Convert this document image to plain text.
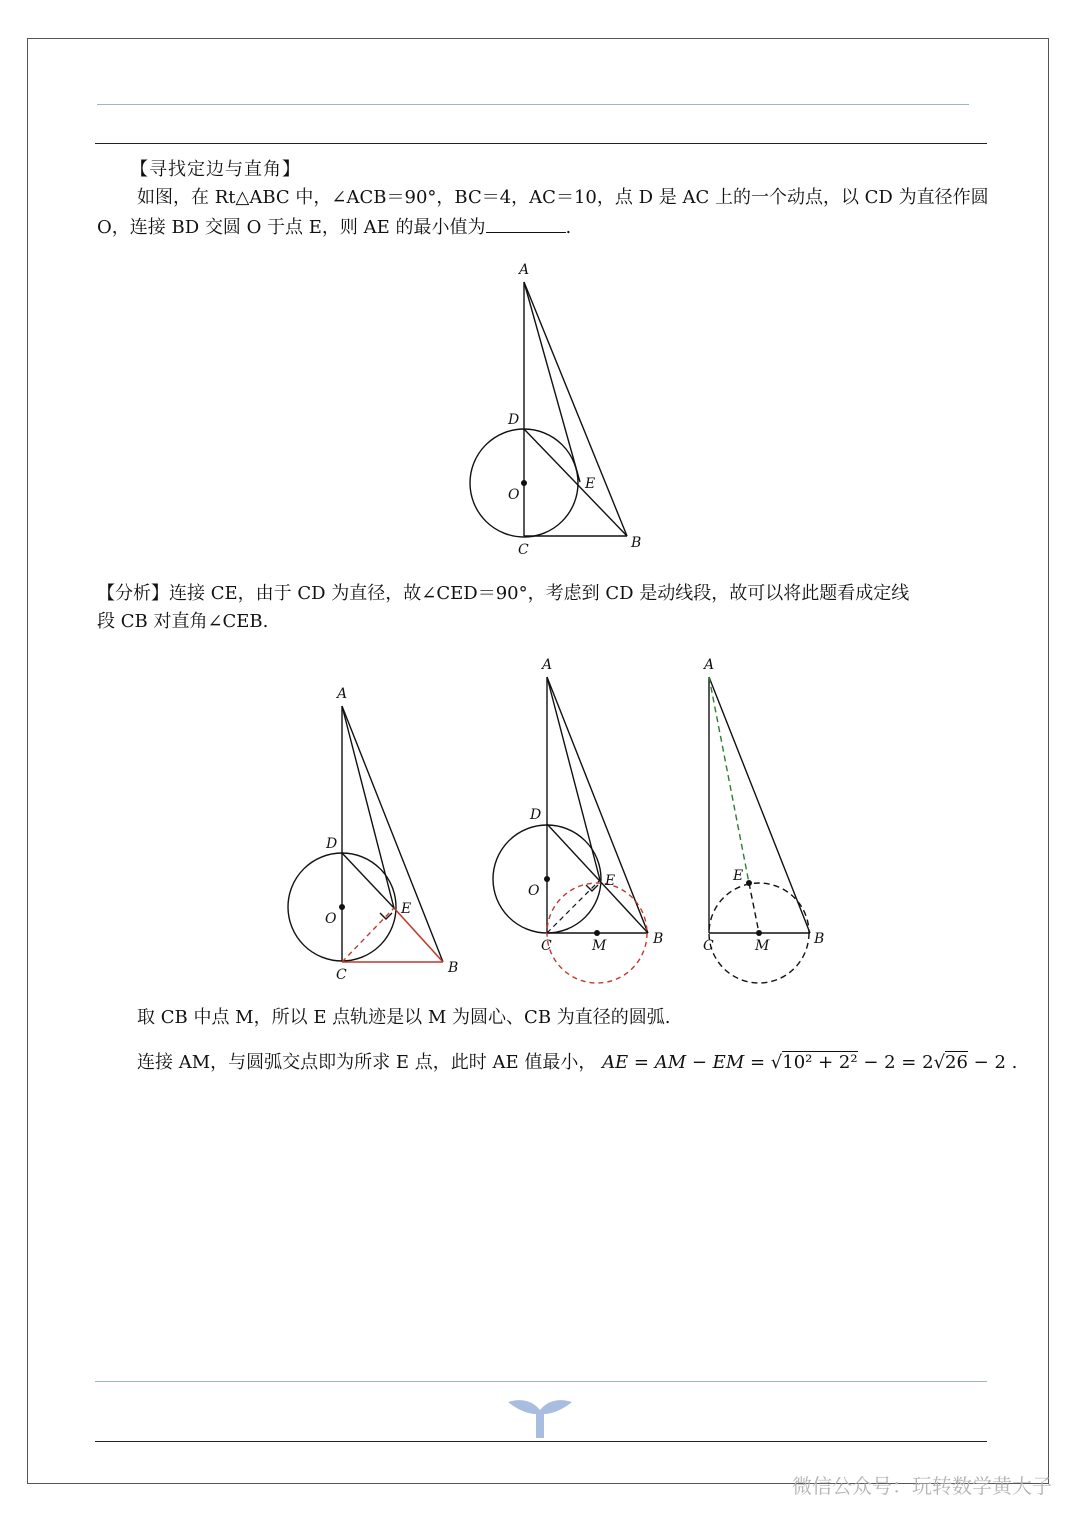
【寻找定边与直角】
如图，在 Rt△ABC 中，∠ACB＝90°，BC＝4，AC＝10，点 D 是 AC 上的一个动点，以 CD 为直径作圆
O，连接 BD 交圆 O 于点 E，则 AE 的最小值为	.
A
D
O
E
C	B
A
D
O
E
C	B
A
D
O
E
C	M	B
A
E
C	M	B
【分析】连接 CE，由于 CD 为直径，故∠CED＝90°，考虑到 CD 是动线段，故可以将此题看成定线
段 CB 对直角∠CEB.
取 CB 中点 M，所以 E 点轨迹是以 M 为圆心、CB 为直径的圆弧.
连接 AM，与圆弧交点即为所求 E 点，此时 AE 值最小， AE = AM − EM = √10² + 2² − 2 = 2√26 − 2 .
微信公众号：玩转数学黄大子
